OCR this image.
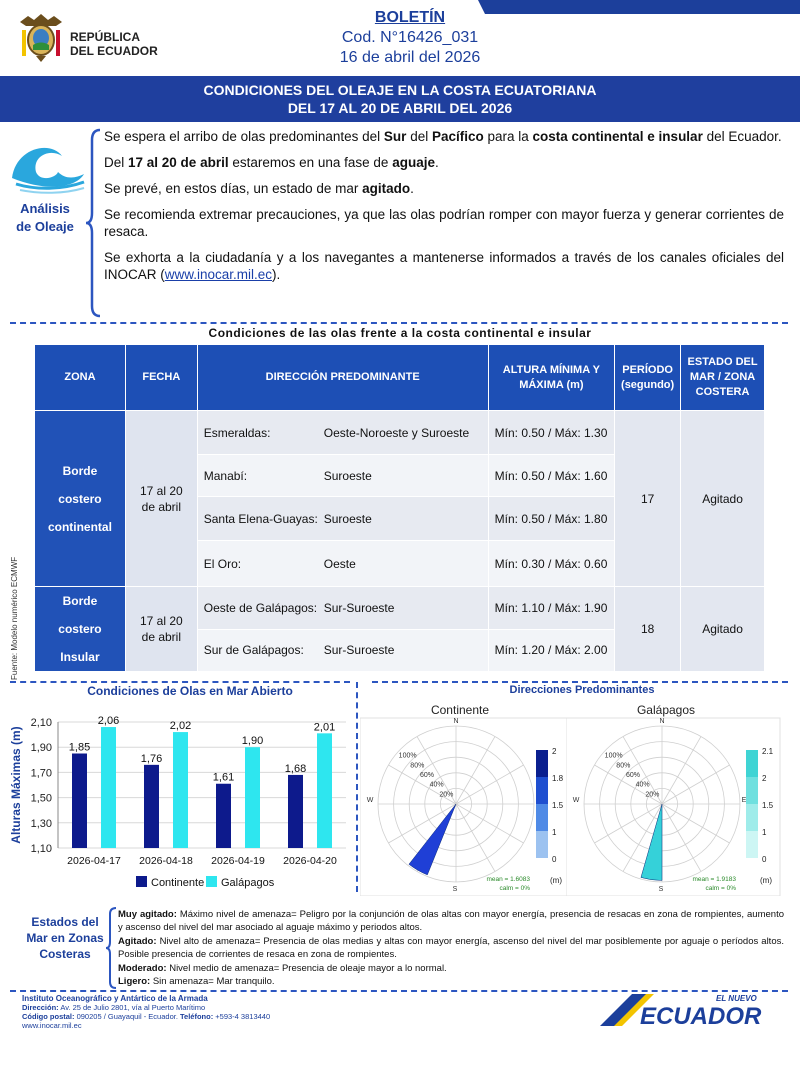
REPÚBLICA
DEL ECUADOR
BOLETÍN
Cod. N°16426_031
16 de abril del 2026
CONDICIONES DEL OLEAJE EN LA COSTA ECUATORIANA
DEL 17 AL 20 DE ABRIL DEL 2026
Análisis
de Oleaje

Se espera el arribo de olas predominantes del Sur del Pacífico para la costa continental e insular del Ecuador.

Del 17 al 20 de abril estaremos en una fase de aguaje.

Se prevé, en estos días, un estado de mar agitado.

Se recomienda extremar precauciones, ya que las olas podrían romper con mayor fuerza y generar corrientes de resaca.

Se exhorta a la ciudadanía y a los navegantes a mantenerse informados a través de los canales oficiales del INOCAR (www.inocar.mil.ec).

Condiciones de las olas frente a la costa continental e insular
Fuente: Modelo numérico ECMWF
ZONA	FECHA	DIRECCIÓN PREDOMINANTE	ALTURA MÍNIMA Y MÁXIMA (m)	PERÍODO (segundo)	ESTADO DEL MAR / ZONA COSTERA
Borde costero continental	17 al 20 de abril	Esmeraldas: Oeste-Noroeste y Suroeste	Mín: 0.50 / Máx: 1.30	17	Agitado

		Manabí: Suroeste	Mín: 0.50 / Máx: 1.60		

		Santa Elena-Guayas: Suroeste	Mín: 0.50 / Máx: 1.80		

		El Oro: Oeste	Mín: 0.30 / Máx: 0.60		
Borde costero Insular	17 al 20 de abril	Oeste de Galápagos: Sur-Suroeste	Mín: 1.10 / Máx: 1.90	18	Agitado

		Sur de Galápagos: Sur-Suroeste	Mín: 1.20 / Máx: 2.00		
Condiciones de Olas en Mar Abierto
Alturas Máximas (m)
1,10
1,30
1,50
1,70
1,90
2,10
1,85
2,06
2026-04-17
1,76
2,02
2026-04-18
1,61
1,90
2026-04-19
1,68
2,01
2026-04-20
Continente Galápagos
Direcciones Predominantes
Continente
100%
80%
60%
40%
20%
N
S
W
2
1.8
1.5
1
0
(m)
mean = 1.6083
calm = 0%
Galápagos
100%
80%
60%
40%
20%
N
E
S
W
2.1
2
1.5
1
0
(m)
mean = 1.9183
calm = 0%
Estados del
Mar en Zonas
Costeras
Muy agitado: Máximo nivel de amenaza= Peligro por la conjunción de olas altas con mayor energía, presencia de resacas en zona de rompientes, aumento y ascenso del nivel del mar asociado al aguaje máximo y periodos altos.
Agitado: Nivel alto de amenaza= Presencia de olas medias y altas con mayor energía, ascenso del nivel del mar posiblemente por aguaje o períodos altos. Posible presencia de corrientes de resaca en zona de rompientes.
Moderado: Nivel medio de amenaza= Presencia de oleaje mayor a lo normal.
Ligero: Sin amenaza= Mar tranquilo.
Instituto Oceanográfico y Antártico de la Armada
Dirección: Av. 25 de Julio 2801, vía al Puerto Marítimo
Código postal: 090205 / Guayaquil - Ecuador. Teléfono: +593-4 3813440
www.inocar.mil.ec
EL NUEVO
ECUADOR
